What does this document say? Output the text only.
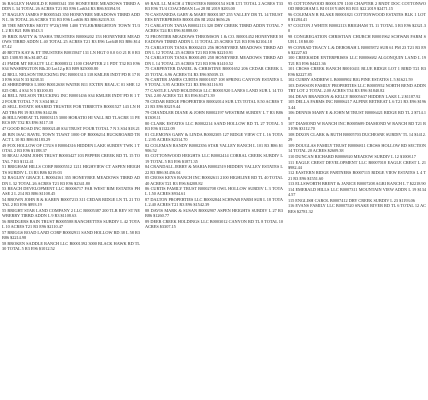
36 BAGLEY HAROLD E B0005341 350 HONEYBEE MEADOWS TIRBD ADDN L 34 TOTAL 26 ACRES T21 R3 E96 Lot634 R3 B86 $3394.91

37 BAGLEY JAMES P B0005343 350 HONEYBEE MEADOWS TIRBD ADDN L 36 TOTAL 26 ACRES T31 R3 E96 Lot636 R3 B86 $2319.33

38 THE MEYERS MOTT 9*23(1998 1400 TYLER/BRIGHTON TOWN T1/3 L 2 R3 B21 B86 $543.3

39 BRIX RATTY & TASHA TRUSTEES B0006202 153 HONEYBEE MEADOWS TIRBD ADDN L 40 TOTAL 25 ACRES T21 R3 E96 Lot648 R3 B86 $1407.42

40 BETTS KAY & ET TRUSTEES B0015847 131 LN HGT 0 0.0 0.0 21 R 0 R3 $25 1308.95 H/a $1407.42

41 FMDR MT REALTY LLC B0008312 1100 CHAPTER 2 1 PDT T32 R3 E96 S34 WASHINGTON Blk.20 Lot12.p R3 B89 $25000.80

42 BELL NELSON TRUCKING INC B0001313 118 KMLER INDT PD R 17 R3 E96 S34 N 33 $238.31

43 SHREDIPRES L1000 B0012638 WATER B11 EXTEN REAL/C 01 SHE 12025 ORL 4 S34 N 5 $3100.83

44 BELL NELSON TRUCKING INC B0001436 S34 KMLER INDT PD R 1 T 2 FOUR TOTAL 7 N 3 S34 $8.2

45 SELL ESTATE SHARED TRUSTEE FOR TIBBETTS B0001527 143 LN HAD TR6 FR 19 R3 E96 $142.86

46 HILL/WHEAT TL B0003115 3000 HORATIO HI VALL RD TLACRE 11 PERCS RV T32 R3 E96 $117.18

47 GOOD ROAD INC B0002148 S34 TRUST FOUR TOTAL 7 N 3 S34 $18.21

48 BIN ISAC RAVEL TOWN TLWAT 1000 OF B0006214 BUCKBOARD TRACT L 10 R3 B86 $1183.29

49 FOX HOLLOW OF CTUS 0 B0004316 HIDDEN LAKE SUBDIV TWK 1 TOTAL 2 R3 E96 $1188.37

50 BEAU ANIM JOHN TRUST B0003427 103 PEPPER CREEK RD TL 15 TOTAL 7 R3 $112.41

51 BRIGHAM HILLS CORP B0005512 1211 HIGHVIEW CT ASPEN HEIGHTS SUBDIV L 13 R3 B86 $219.03

52 BAGLEY GRACE L B0004161 355 HONEYBEE MEADOWS TIRBD ADDN L 32 TOTAL 26 ACRES T21 R3 E96 $2341.80

53 BEACH DEVELOPMENT LLC B0006717 FAR WEST RIM ESTATES PHASE 2 L 214 R3 B86 $1108.45

54 BROWN JOHN R & KAREN B0007213 311 CEDAR RIDGE LN TL 21 TOTAL 2 R3 E96 $893.19

55 BRIGHT STAR LAND COMPANY 2 LLC B0005387 200 TLR REV ST NEWBERRY TIRBD ADDN L 9 R3 $1108.63

56 BRIDGERS BAIN TRUST B0005588 RANCHETTES SUBDIV L 42 TOTAL 10 ACRES T21 R3 E96 $2110.47

57 BRIGGS ROAD LAND CORP B0002911 SAND HOLLOW RD 38 L 58 R3 B86 $2214.98

58 BROKEN SADDLE RANCH LLC B0001392 3000 BLACK HAWK RD TL 30 TOTAL 5 R3 E96 $1012.52

69 RAIL LL MACH 4 TRUSTEES B0000154 SUB LT1 TOTAL 2 ACRES T33 R3 E96 T1/4 COACHMAN Lot 28 BI 2019 $283.00

70 CASTANEDA GARY & MARY B0001387 255 VALLEY DR TL 14 TRUSTEES ENTERPRISES B0001456 BI 2024 $656.26

71 CARLSTON TANJA B0002113 320 DRY CREEK TIRBD ADDN TOTAL 7 ACRES T24 R3 E96 $1888.00

72 FRONTIER MEADOWS THROMSON 1 & CO. B0001452 HONEYBEE MEADOWS TIRBD ADDN L 11 TOTAL 25 ACRES T21 R3 E96 $2104.18

73 CARLSTON TANJA B0002413 256 HONEYBEE MEADOWS TIRBD ADDN L 12 TOTAL 25 ACRES T21 R3 E96 $2210.91

74 CARLSTON TANJA B0001495 258 HONEYBEE MEADOWS TIRBD ADDN L 14 TOTAL 25 ACRES T21 R3 E96 $1410.52

75 CARPENTER DANIEL & CHRISTINE B0001652 206 CEDAR CREEK L 25 TOTAL 6.96 ACRES T4 R3 E96 $5039.13

76 CARTER JAMES CURTIS B0001837 108 SPRING CANYON ESTATES L 9 TOTAL 3.95 ACRES T21 R3 E96 $1116.93

77 CASTLE LAND HOLDINGS LLC B0001920 LANES LAND SUB L 14 TOTAL 2.00 ACRES T21 R3 E96 $1471.39

78 CEDAR RIDGE PROPERTIES B0002014 SUB LT3 TOTAL 8.50 ACRES T21 R3 E96 $3219.44

79 CHANDLER DIANE & JOHN B0002197 WESTRIM SUBDIV L 7 R3 B86 $1308.11

80 CLARK ESTATES LLC B0002214 SAND HOLLOW RD TL 27 TOTAL 5 R3 E96 $1122.09

81 CLEMONS GARY & LINDA B0002305 127 RIDGE VIEW CT L 16 TOTAL 2.95 ACRES $2314.70

82 COLEMAN RANDY B0002356 STAR VALLEY RANCH L 101 R3 B86 $1906.52

83 COTTONWOOD HEIGHTS LLC B0002414 CORRAL CREEK SUBDIV L 19 TOTAL 5 R3 E96 $1871.35

84 CRANDALL JERRY & MARIA B0002519 HIDDEN VALLEY ESTATES L 22 R3 B86 $1456.04

85 CROSS KEYS RANCH INC B0002611 2100 HIGHLINE RD TL 40 TOTAL 40 ACRES T21 R3 E96 $4208.82

86 CURTIS FAMILY TRUST B0002708 OWL HOLLOW SUBDIV L 3 TOTAL 1.50 ACRES $934.61

87 DALTON PROPERTIES LLC B0002844 SCHWAB FARM SUB L 18 TOTAL 2.40 ACRES T21 R3 E96 $1542.39

88 DAVIS MARK & SUSAN B0002907 ASPEN HEIGHTS SUBDIV L 27 R3 B86 $1260.77

89 DEER CREEK HOLDINGS LLC B0003012 CANYON RD TL 8 TOTAL 10 ACRES $3307.15

95 COTTONWOOD B0001378 1100 CHAPTER 2 RNDT DOC COTTONWOOD BRIGHAM L BI 0118 Y46N R3 B11 $22 2019 $2471.15

96 COLEMAN R BLAKE B0001821 COTTONWOOD ESTATES BLK 1 LOT 8 $1284.41

97 COLTON J WHITE B0002113 BRIGHAM TL 11 TOTAL 3 R3 E96 $2321.30

98 CONGREGATION CHRISTIAN CHURCH B0001962 SCHWAB FARM SUB L 18 $0.00

99 CONRAD TRACY L & DEBORAH L B0005872 SUB 61 PM 23 T21 R3 E96 $2227.63

100 CREEKSIDE ENTERPRISES LLC B0006682 ALGONQUIN LAND L 19 T21 R3 E96 $4421.36

101 CROSS CREEK RANCH B0010411 BLUE RIDGE LOT 1 BIRD T21 R3 E96 $2227.85

102 CURRY ANDREW L B0000902 BIG PINE ESTATES L 5 $1621.59

103 DAWSON FAMILY PROPERTIES LLC B0005952 NORTH BEND ADDN TRT LOT 2 TOTAL 2.00 ACRES T34 R3 E96 $1840.82

104 DEAN BRANDON & KELLY B0005637 HIDDEN LAKE L 2 $1187.92

105 DELLA FARMS INC B0006217 ALPINE RETREAT L 6 T21 R3 E96 $1963.44

106 DENNIS MARY E & JOHN M TRUST B0006421 RIDGE RD TL 2 $714.18

107 DIAMOND W RANCH INC B0005689 DIAMOND W RANCH RD T21 R3 E96 $3112.70

108 DIXON CLARK & RUTH B0005703 DUCHESNE SUBDIV TL 14 $1412.29

109 DOUGLAS FAMILY TRUST B0006811 CROSS HOLLOW RD SECTION 14 TOTAL 20 ACRES $2609.38

110 DUNCAN RICHARD B0006920 MEADOW SUBDIV L 12 $1008.17

111 EAGLE CREST DEVELOPMENT LLC B0007018 EAGLE CREST L 21 $982.44

112 EASTERN RIDGE PARTNERS B0007115 RIDGE VIEW ESTATES L 4 T21 R3 E96 $1551.60

113 ELLSWORTH BRENT & JANICE B0007208 AGRI RANCH L 7 $2218.90

114 EMERALD HILLS LLC B0007311 MOUNTAIN VIEW ADDN L 19 $1344.57

115 ENGLISH CAROL B0007412 DRY CREEK SUBDIV L 23 $1193.06

116 EVANS FAMILY LLC B0007520 SNAKE RIVER RD TL 6 TOTAL 12 ACRES $2781.32
